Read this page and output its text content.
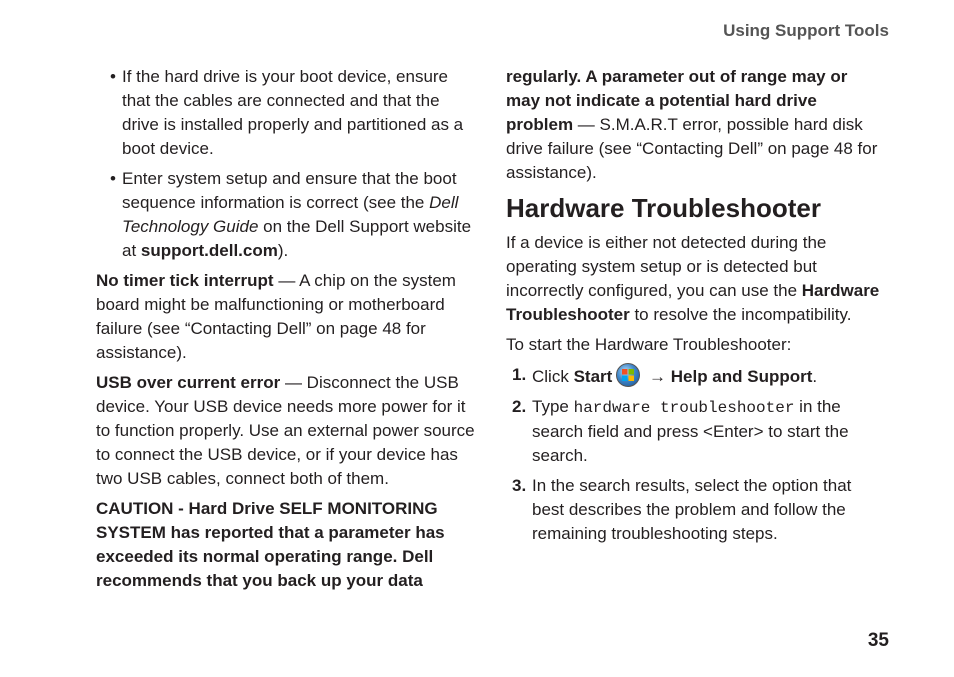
Using Support Tools
• If the hard drive is your boot device, ensure that the cables are connected and that the drive is installed properly and partitioned as a boot device.
• Enter system setup and ensure that the boot sequence information is correct (see the Dell Technology Guide on the Dell Support website at support.dell.com).

No timer tick interrupt — A chip on the system board might be malfunctioning or motherboard failure (see “Contacting Dell” on page 48 for assistance).

USB over current error — Disconnect the USB device. Your USB device needs more power for it to function properly. Use an external power source to connect the USB device, or if your device has two USB cables, connect both of them.

CAUTION - Hard Drive SELF MONITORING SYSTEM has reported that a parameter has exceeded its normal operating range. Dell recommends that you back up your data

regularly. A parameter out of range may or may not indicate a potential hard drive problem — S.M.A.R.T error, possible hard disk drive failure (see “Contacting Dell” on page 48 for assistance).

Hardware Troubleshooter

If a device is either not detected during the operating system setup or is detected but incorrectly configured, you can use the Hardware Troubleshooter to resolve the incompatibility.

To start the Hardware Troubleshooter:

1. Click Start
→ Help and Support.
2. Type hardware troubleshooter in the search field and press <Enter> to start the search.
3. In the search results, select the option that best describes the problem and follow the remaining troubleshooting steps.
35
